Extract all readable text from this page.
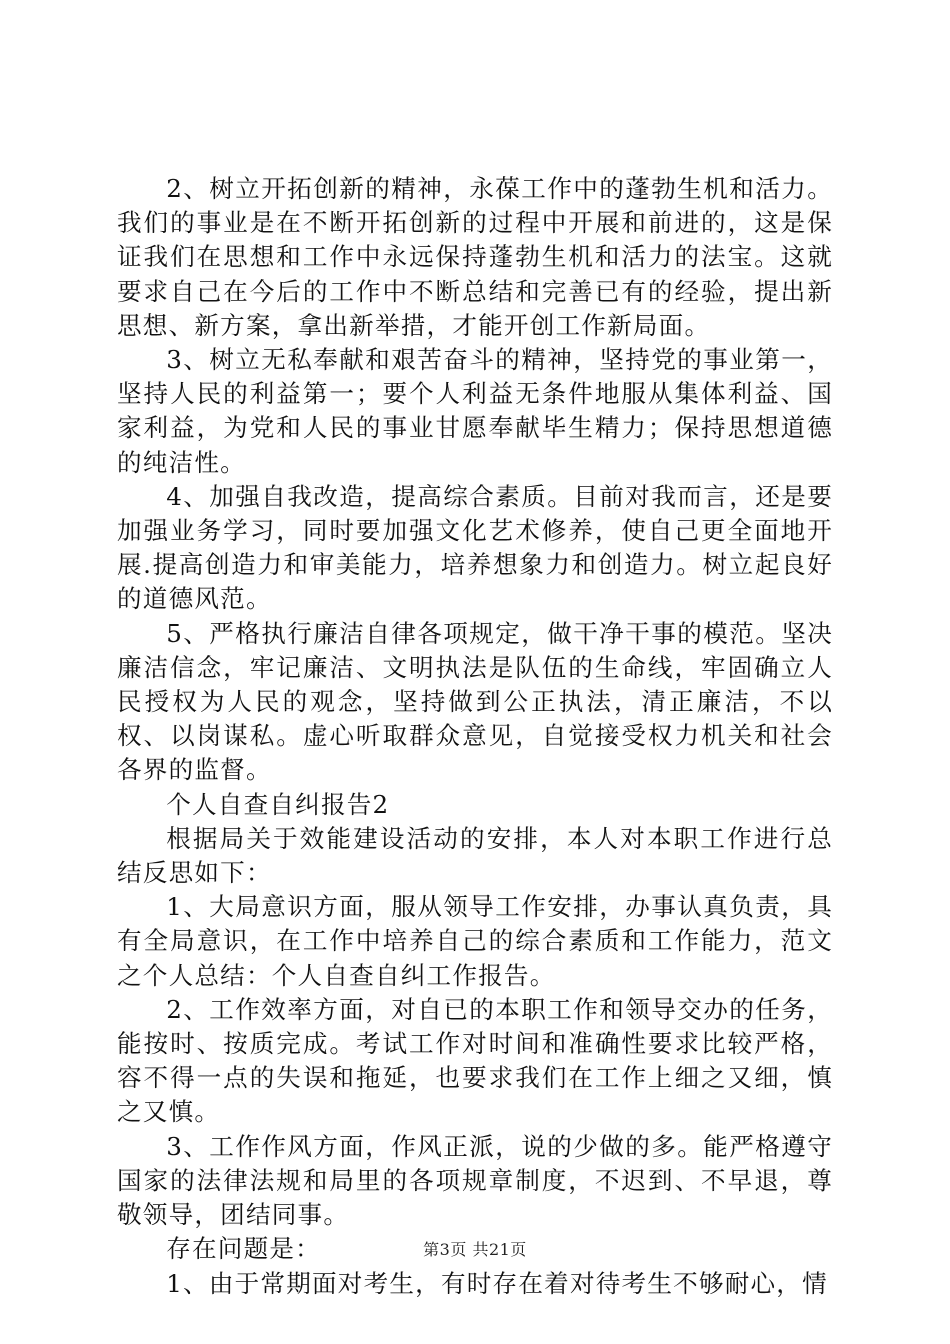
2、树立开拓创新的精神，永葆工作中的蓬勃生机和活力。我们的事业是在不断开拓创新的过程中开展和前进的，这是保证我们在思想和工作中永远保持蓬勃生机和活力的法宝。这就要求自己在今后的工作中不断总结和完善已有的经验，提出新思想、新方案，拿出新举措，才能开创工作新局面。

3、树立无私奉献和艰苦奋斗的精神，坚持党的事业第一，坚持人民的利益第一；要个人利益无条件地服从集体利益、国家利益，为党和人民的事业甘愿奉献毕生精力；保持思想道德的纯洁性。

4、加强自我改造，提高综合素质。目前对我而言，还是要加强业务学习，同时要加强文化艺术修养，使自己更全面地开展.提高创造力和审美能力，培养想象力和创造力。树立起良好的道德风范。

5、严格执行廉洁自律各项规定，做干净干事的模范。坚决廉洁信念，牢记廉洁、文明执法是队伍的生命线，牢固确立人民授权为人民的观念，坚持做到公正执法，清正廉洁，不以权、以岗谋私。虚心听取群众意见，自觉接受权力机关和社会各界的监督。

个人自查自纠报告2

根据局关于效能建设活动的安排，本人对本职工作进行总结反思如下：

1、大局意识方面，服从领导工作安排，办事认真负责，具有全局意识，在工作中培养自己的综合素质和工作能力，范文之个人总结：个人自查自纠工作报告。

2、工作效率方面，对自已的本职工作和领导交办的任务，能按时、按质完成。考试工作对时间和准确性要求比较严格，容不得一点的失误和拖延，也要求我们在工作上细之又细，慎之又慎。

3、工作作风方面，作风正派，说的少做的多。能严格遵守国家的法律法规和局里的各项规章制度，不迟到、不早退，尊敬领导，团结同事。

存在问题是：

1、由于常期面对考生，有时存在着对待考生不够耐心，情

第3页 共21页
